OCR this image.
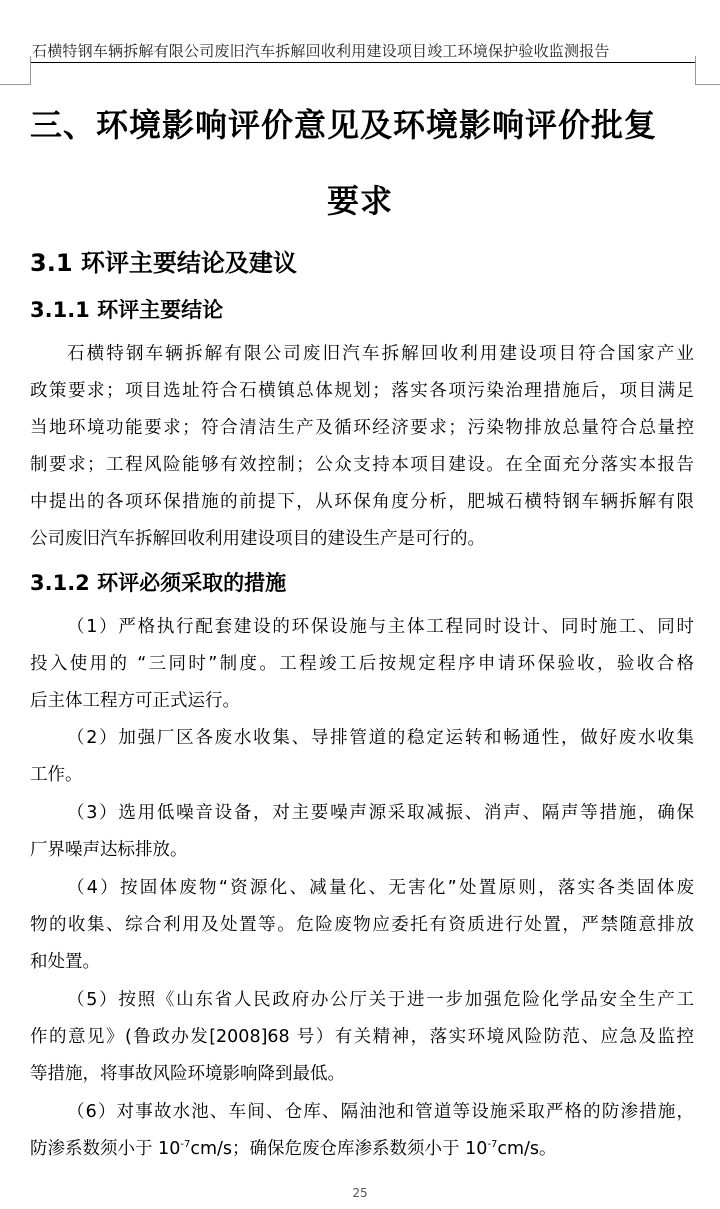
石横特钢车辆拆解有限公司废旧汽车拆解回收利用建设项目竣工环境保护验收监测报告
三、环境影响评价意见及环境影响评价批复
要求
3.1 环评主要结论及建议
3.1.1 环评主要结论
石横特钢车辆拆解有限公司废旧汽车拆解回收利用建设项目符合国家产业
政策要求；项目选址符合石横镇总体规划；落实各项污染治理措施后，项目满足
当地环境功能要求；符合清洁生产及循环经济要求；污染物排放总量符合总量控
制要求；工程风险能够有效控制；公众支持本项目建设。在全面充分落实本报告
中提出的各项环保措施的前提下，从环保角度分析，肥城石横特钢车辆拆解有限
公司废旧汽车拆解回收利用建设项目的建设生产是可行的。
3.1.2 环评必须采取的措施
（1）严格执行配套建设的环保设施与主体工程同时设计、同时施工、同时
投入使用的 “三同时”制度。工程竣工后按规定程序申请环保验收，验收合格
后主体工程方可正式运行。
（2）加强厂区各废水收集、导排管道的稳定运转和畅通性，做好废水收集
工作。
（3）选用低噪音设备，对主要噪声源采取减振、消声、隔声等措施，确保
厂界噪声达标排放。
（4）按固体废物“资源化、减量化、无害化”处置原则，落实各类固体废
物的收集、综合利用及处置等。危险废物应委托有资质进行处置，严禁随意排放
和处置。
（5）按照《山东省人民政府办公厅关于进一步加强危险化学品安全生产工
作的意见》(鲁政办发[2008]68 号）有关精神，落实环境风险防范、应急及监控
等措施，将事故风险环境影响降到最低。
（6）对事故水池、车间、仓库、隔油池和管道等设施采取严格的防渗措施，
防渗系数须小于 $10^{-7}cm/s$；确保危废仓库渗系数须小于 $10^{-7}cm/s$。
25
